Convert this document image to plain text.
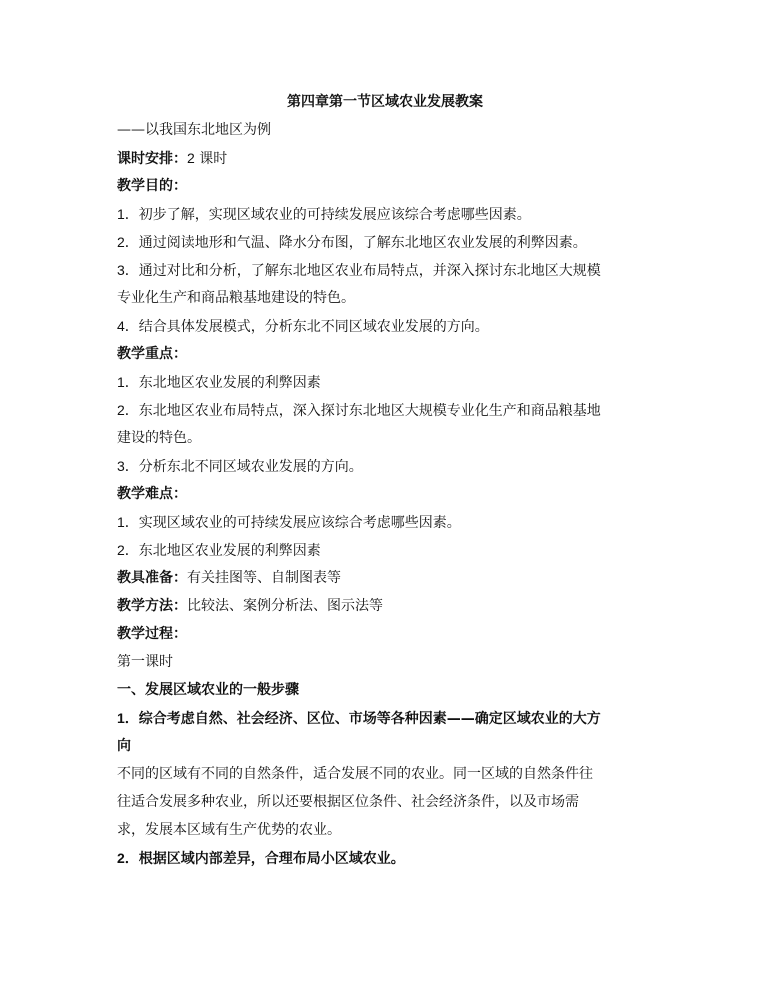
第四章第一节区域农业发展教案
——以我国东北地区为例
课时安排：2 课时
教学目的：
1．初步了解，实现区域农业的可持续发展应该综合考虑哪些因素。
2．通过阅读地形和气温、降水分布图，了解东北地区农业发展的利弊因素。
3．通过对比和分析，了解东北地区农业布局特点，并深入探讨东北地区大规模
专业化生产和商品粮基地建设的特色。
4．结合具体发展模式，分析东北不同区域农业发展的方向。
教学重点：
1．东北地区农业发展的利弊因素
2．东北地区农业布局特点，深入探讨东北地区大规模专业化生产和商品粮基地
建设的特色。
3．分析东北不同区域农业发展的方向。
教学难点：
1．实现区域农业的可持续发展应该综合考虑哪些因素。
2．东北地区农业发展的利弊因素
教具准备：有关挂图等、自制图表等
教学方法：比较法、案例分析法、图示法等
教学过程：
第一课时
一、发展区域农业的一般步骤
1．综合考虑自然、社会经济、区位、市场等各种因素——确定区域农业的大方
向
不同的区域有不同的自然条件，适合发展不同的农业。同一区域的自然条件往
往适合发展多种农业，所以还要根据区位条件、社会经济条件，以及市场需
求，发展本区域有生产优势的农业。
2．根据区域内部差异，合理布局小区域农业。
